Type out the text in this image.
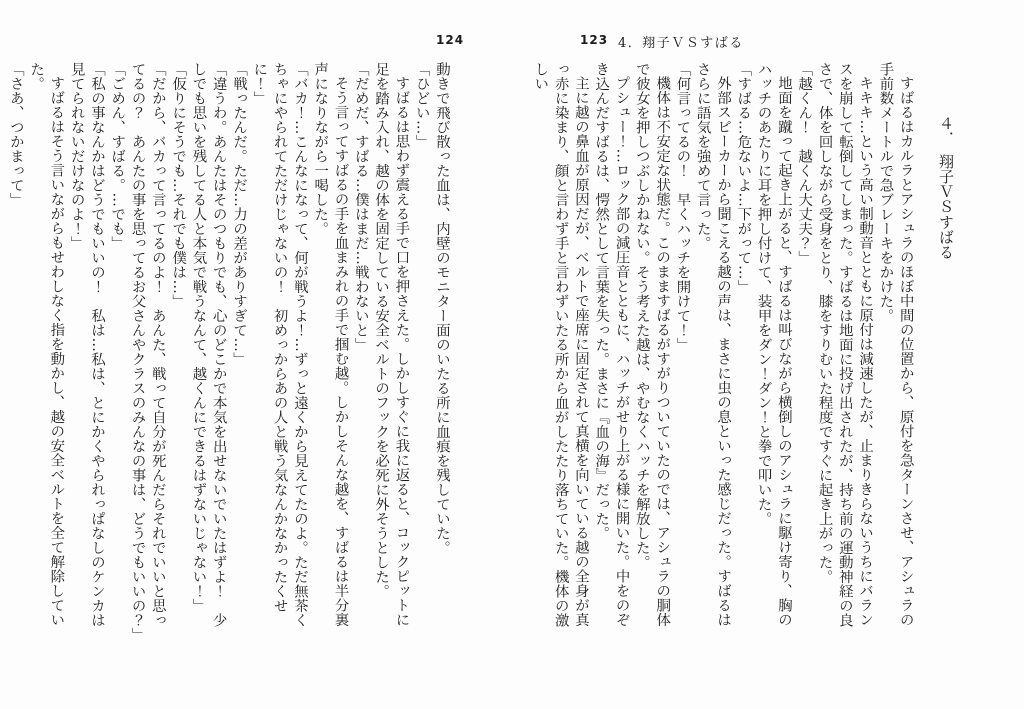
124	123 4．翔子ＶＳすばる
４．　翔子ＶＳすばる

すばるはカルラとアシュラのほぼ中間の位置から、原付を急ターンさせ、アシュラの手前数メートルで急ブレーキをかけた。

キキキ…という高い制動音とともに原付は減速したが、止まりきらないうちにバランスを崩して転倒してしまった。すばるは地面に投げ出されたが、持ち前の運動神経の良さで、体を回しながら受身をとり、膝をすりむいた程度ですぐに起き上がった。

「越くん！　越くん大丈夫？」

地面を蹴って起き上がると、すばるは叫びながら横倒しのアシュラに駆け寄り、胸のハッチのあたりに耳を押し付けて、装甲をダン！ダン！と拳で叩いた。

「すばる…危ないよ…下がって…」

外部スピーカーから聞こえる越の声は、まさに虫の息といった感じだった。すばるはさらに語気を強めて言った。

「何言ってるの！　早くハッチを開けて！」

機体は不安定な状態だ。このまますばるがすがりついていたのでは、アシュラの胴体で彼女を押しつぶしかねない。そう考えた越は、やむなくハッチを解放した。

プシュー！…ロック部の減圧音とともに、ハッチがせり上がる様に開いた。中をのぞき込んだすばるは、愕然として言葉を失った。まさに『血の海』だった。

主に越の鼻血が原因だが、ベルトで座席に固定されて真横を向いている越の全身が真っ赤に染まり、顔と言わず手と言わずいたる所から血がしたたり落ちていた。機体の激しい

動きで飛び散った血は、内壁のモニター面のいたる所に血痕を残していた。

「ひどい…」

すばるは思わず震える手で口を押さえた。しかしすぐに我に返ると、コックピットに足を踏み入れ、越の体を固定している安全ベルトのフックを必死に外そうとした。

「だめだ、すばる…僕はまだ…戦わないと」

そう言ってすばるの手を血まみれの手で掴む越。しかしそんな越を、すばるは半分裏声になりながら一喝した。

「バカ！…こんなになって、何が戦うよ！…ずっと遠くから見えてたのよ。ただ無茶くちゃにやられてただけじゃないの！　初めっからあの人と戦う気なんかなかったくせに！」

「戦ったんだ。ただ…力の差がありすぎて…」

「違うわ。あんたはそのつもりでも、心のどこかで本気を出せないでいたはずよ！　少しでも思いを残してる人と本気で戦うなんて、越くんにできるはずないじゃない！」

「仮りにそうでも…それでも僕は…」

「だから、バカって言ってるのよ！　あんた、戦って自分が死んだらそれでいいと思ってるの？　あんたの事を思ってるお父さんやクラスのみんなの事は、どうでもいいの？」

「ごめん、すばる。…でも」

「私の事なんかはどうでもいいの！　私は…私は、とにかくやられっぱなしのケンカは見てられないだけなのよ！」

すばるはそう言いながらもせわしなく指を動かし、越の安全ベルトを全て解除していた。

「さあ、つかまって」
